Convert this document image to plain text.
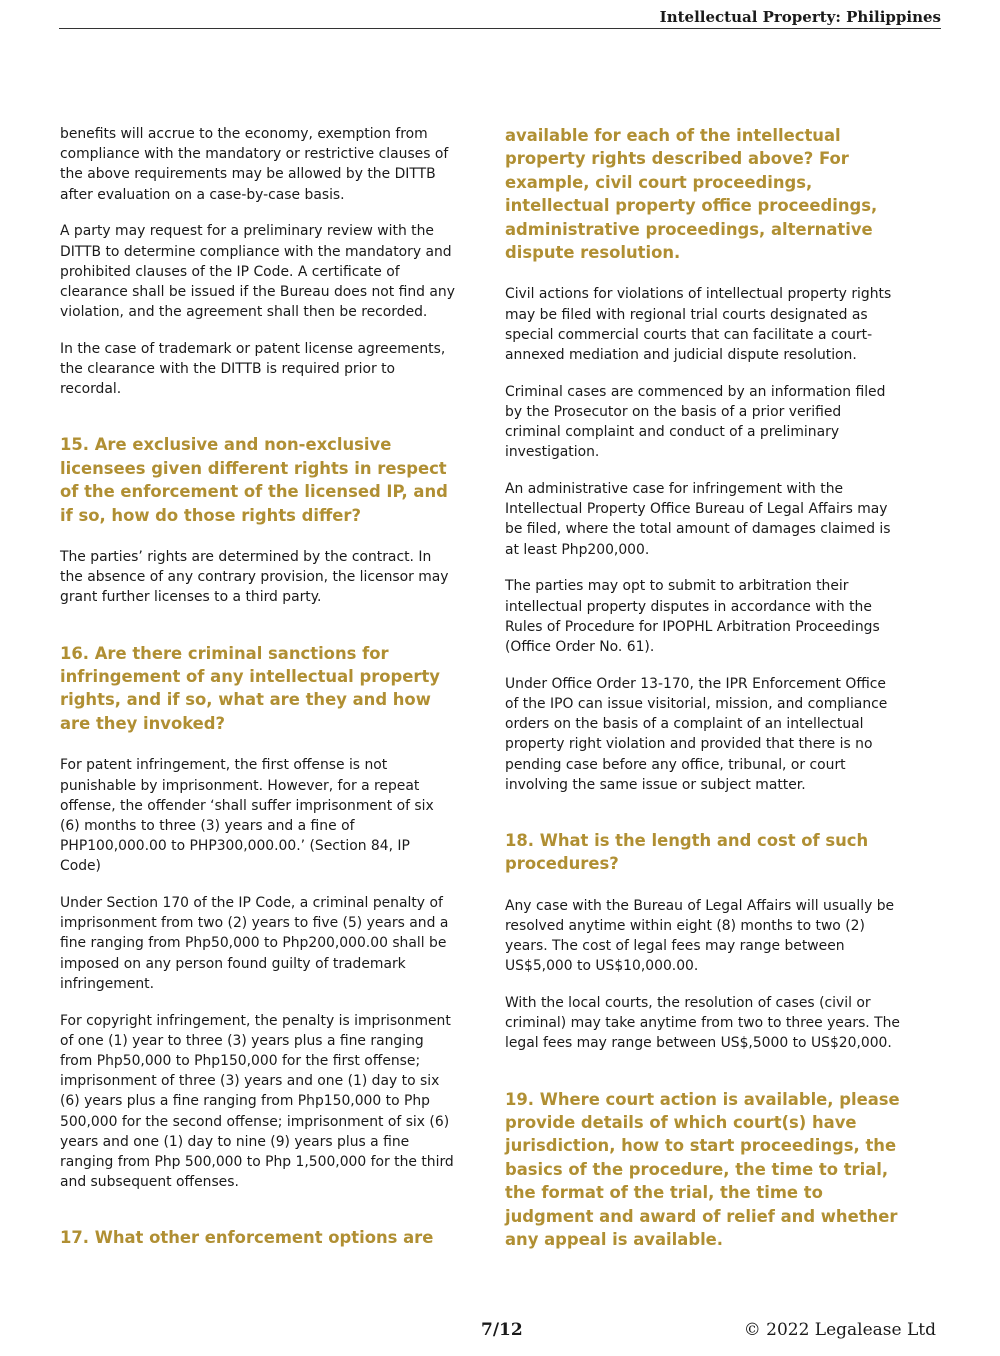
Intellectual Property: Philippines

benefits will accrue to the economy, exemption from compliance with the mandatory or restrictive clauses of the above requirements may be allowed by the DITTB after evaluation on a case-by-case basis.

A party may request for a preliminary review with the DITTB to determine compliance with the mandatory and prohibited clauses of the IP Code. A certificate of clearance shall be issued if the Bureau does not find any violation, and the agreement shall then be recorded.

In the case of trademark or patent license agreements, the clearance with the DITTB is required prior to recordal.

15. Are exclusive and non-exclusive licensees given different rights in respect of the enforcement of the licensed IP, and if so, how do those rights differ?

The parties’ rights are determined by the contract. In the absence of any contrary provision, the licensor may grant further licenses to a third party.

16. Are there criminal sanctions for infringement of any intellectual property rights, and if so, what are they and how are they invoked?

For patent infringement, the first offense is not punishable by imprisonment. However, for a repeat offense, the offender ‘shall suffer imprisonment of six (6) months to three (3) years and a fine of PHP100,000.00 to PHP300,000.00.’ (Section 84, IP Code)

Under Section 170 of the IP Code, a criminal penalty of imprisonment from two (2) years to five (5) years and a fine ranging from Php50,000 to Php200,000.00 shall be imposed on any person found guilty of trademark infringement.

For copyright infringement, the penalty is imprisonment of one (1) year to three (3) years plus a fine ranging from Php50,000 to Php150,000 for the first offense; imprisonment of three (3) years and one (1) day to six (6) years plus a fine ranging from Php150,000 to Php 500,000 for the second offense; imprisonment of six (6) years and one (1) day to nine (9) years plus a fine ranging from Php 500,000 to Php 1,500,000 for the third and subsequent offenses.

17. What other enforcement options are
available for each of the intellectual property rights described above? For example, civil court proceedings, intellectual property office proceedings, administrative proceedings, alternative dispute resolution.

Civil actions for violations of intellectual property rights may be filed with regional trial courts designated as special commercial courts that can facilitate a court-annexed mediation and judicial dispute resolution.

Criminal cases are commenced by an information filed by the Prosecutor on the basis of a prior verified criminal complaint and conduct of a preliminary investigation.

An administrative case for infringement with the Intellectual Property Office Bureau of Legal Affairs may be filed, where the total amount of damages claimed is at least Php200,000.

The parties may opt to submit to arbitration their intellectual property disputes in accordance with the Rules of Procedure for IPOPHL Arbitration Proceedings (Office Order No. 61).

Under Office Order 13-170, the IPR Enforcement Office of the IPO can issue visitorial, mission, and compliance orders on the basis of a complaint of an intellectual property right violation and provided that there is no pending case before any office, tribunal, or court involving the same issue or subject matter.

18. What is the length and cost of such procedures?

Any case with the Bureau of Legal Affairs will usually be resolved anytime within eight (8) months to two (2) years. The cost of legal fees may range between US$5,000 to US$10,000.00.

With the local courts, the resolution of cases (civil or criminal) may take anytime from two to three years. The legal fees may range between US$,5000 to US$20,000.

19. Where court action is available, please provide details of which court(s) have jurisdiction, how to start proceedings, the basics of the procedure, the time to trial, the format of the trial, the time to judgment and award of relief and whether any appeal is available.
7/12	© 2022 Legalease Ltd
